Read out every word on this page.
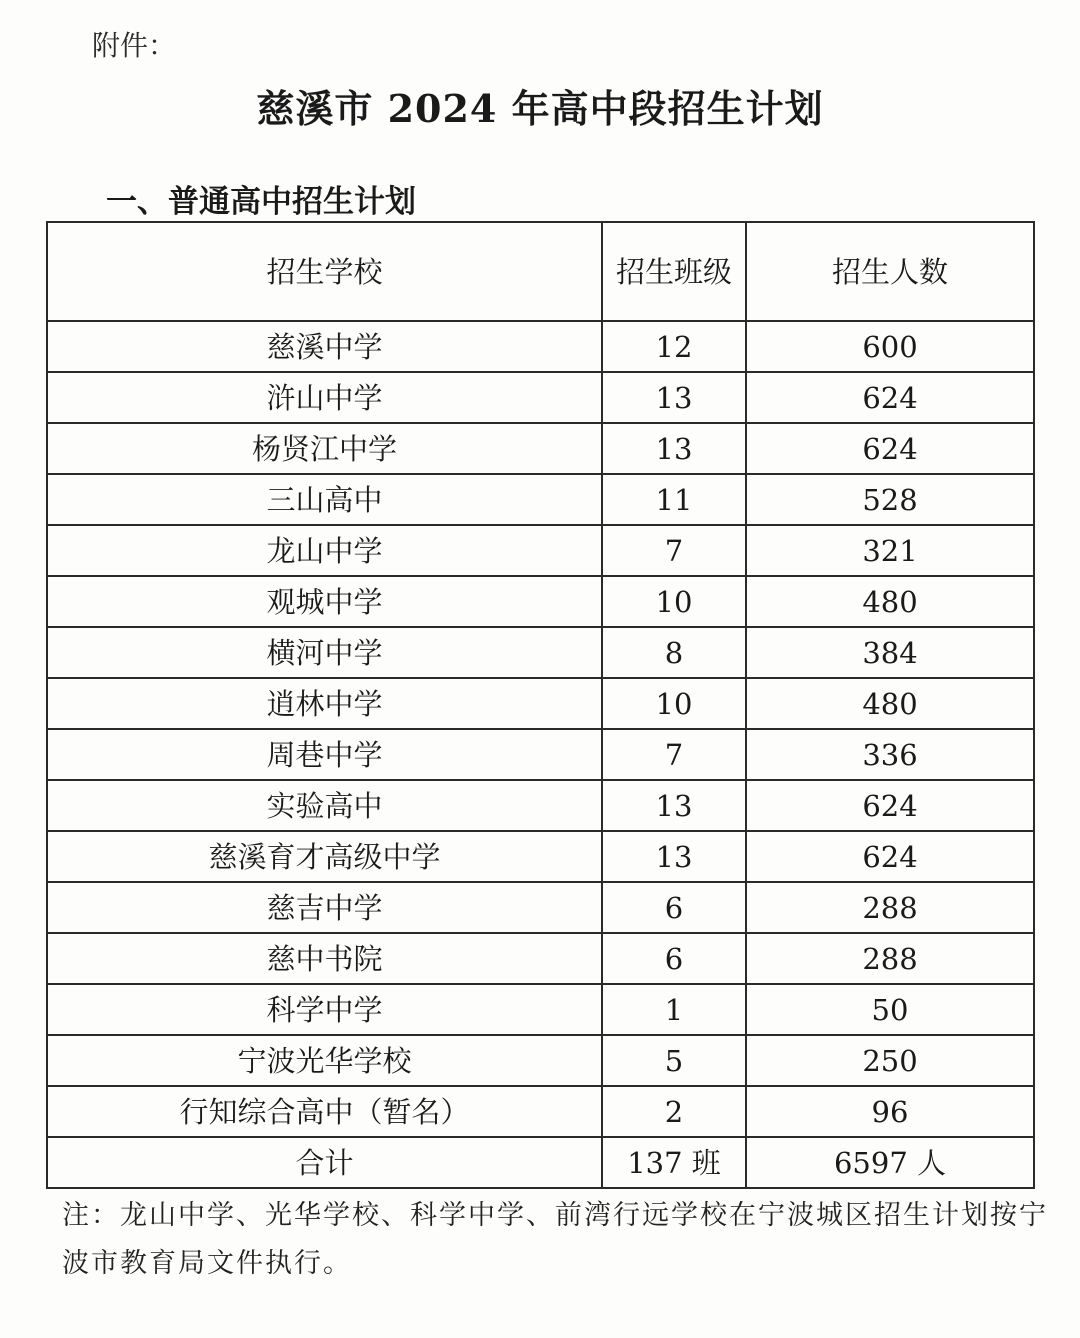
附件：
慈溪市 2024 年高中段招生计划
一、普通高中招生计划
招生学校	招生班级	招生人数
慈溪中学	12	600
浒山中学	13	624
杨贤江中学	13	624
三山高中	11	528
龙山中学	7	321
观城中学	10	480
横河中学	8	384
逍林中学	10	480
周巷中学	7	336
实验高中	13	624
慈溪育才高级中学	13	624
慈吉中学	6	288
慈中书院	6	288
科学中学	1	50
宁波光华学校	5	250
行知综合高中（暂名）	2	96
合计	137 班	6597 人
注：龙山中学、光华学校、科学中学、前湾行远学校在宁波城区招生计划按宁波市教育局文件执行。
